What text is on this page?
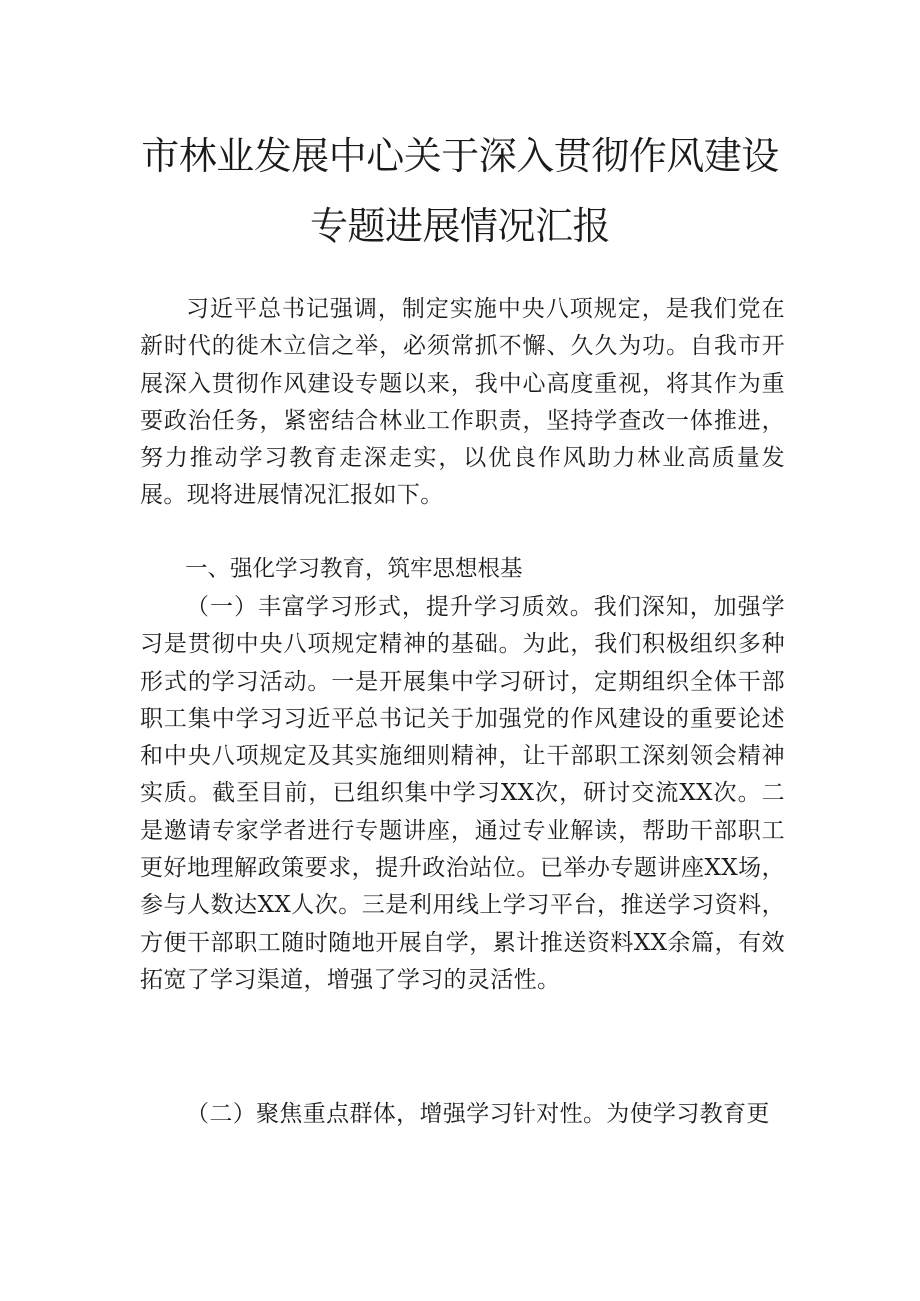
市林业发展中心关于深入贯彻作风建设专题进展情况汇报

习近平总书记强调，制定实施中央八项规定，是我们党在新时代的徙木立信之举，必须常抓不懈、久久为功。自我市开展深入贯彻作风建设专题以来，我中心高度重视，将其作为重要政治任务，紧密结合林业工作职责，坚持学查改一体推进，努力推动学习教育走深走实，以优良作风助力林业高质量发展。现将进展情况汇报如下。

一、强化学习教育，筑牢思想根基

（一）丰富学习形式，提升学习质效。我们深知，加强学习是贯彻中央八项规定精神的基础。为此，我们积极组织多种形式的学习活动。一是开展集中学习研讨，定期组织全体干部职工集中学习习近平总书记关于加强党的作风建设的重要论述和中央八项规定及其实施细则精神，让干部职工深刻领会精神实质。截至目前，已组织集中学习XX次，研讨交流XX次。二是邀请专家学者进行专题讲座，通过专业解读，帮助干部职工更好地理解政策要求，提升政治站位。已举办专题讲座XX场，参与人数达XX人次。三是利用线上学习平台，推送学习资料，方便干部职工随时随地开展自学，累计推送资料XX余篇，有效拓宽了学习渠道，增强了学习的灵活性。

（二）聚焦重点群体，增强学习针对性。为使学习教育更
